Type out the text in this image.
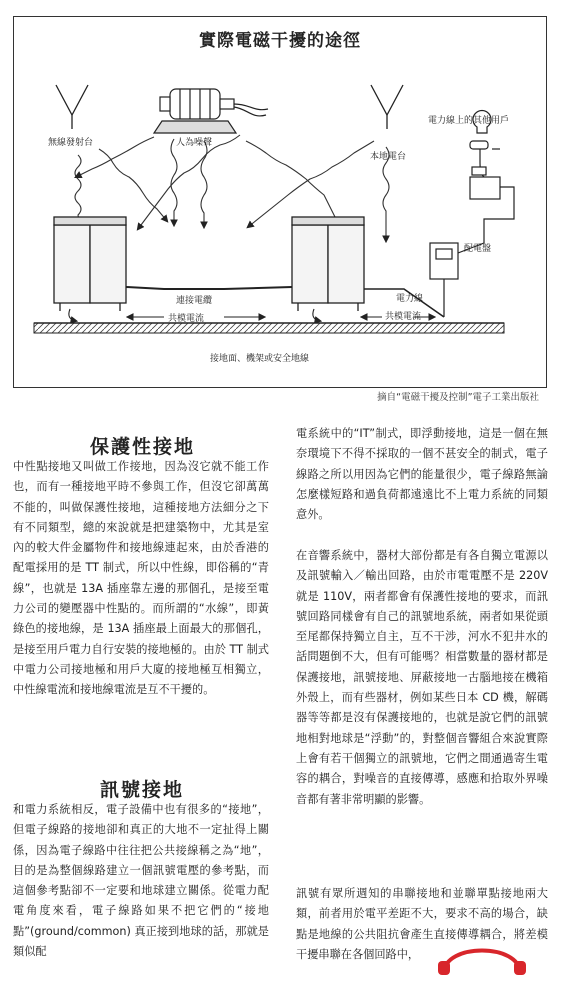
實際電磁干擾的途徑
無線發射台	人為噪聲
本地電台
電力線上的其他用戶
配電盤
電力線
連接電纜
共模電流	共模電流
接地面、機架或安全地線
摘自“電磁干擾及控制”電子工業出版社
保護性接地

中性點接地又叫做工作接地，因為沒它就不能工作也，而有一種接地平時不參與工作，但沒它卻萬萬不能的，叫做保護性接地，這種接地方法細分之下有不同類型，總的來說就是把建築物中，尤其是室內的較大件金屬物件和接地線連起來，由於香港的配電採用的是 TT 制式，所以中性線，即俗稱的“青線”，也就是 13A 插座靠左邊的那個孔，是接至電力公司的變壓器中性點的。而所謂的“水線”，即黃綠色的接地線，是 13A 插座最上面最大的那個孔，是接至用戶電力自行安裝的接地極的。由於 TT 制式中電力公司接地極和用戶大廈的接地極互相獨立，中性線電流和接地線電流是互不干擾的。

訊號接地

和電力系統相反，電子設備中也有很多的“接地”，但電子線路的接地卻和真正的大地不一定扯得上關係，因為電子線路中往往把公共接線稱之為“地”，目的是為整個線路建立一個訊號電壓的參考點，而這個參考點卻不一定要和地球建立關係。從電力配電角度來看，電子線路如果不把它們的“接地點”(ground/common) 真正接到地球的話，那就是類似配

電系統中的“IT”制式，即浮動接地，這是一個在無奈環境下不得不採取的一個不甚安全的制式，電子線路之所以用因為它們的能量很少，電子線路無論怎麼樣短路和過負荷都遠遠比不上電力系統的同類意外。

在音響系統中，器材大部份都是有各自獨立電源以及訊號輸入／輸出回路，由於市電電壓不是 220V 就是 110V，兩者都會有保護性接地的要求，而訊號回路同樣會有自己的訊號地系統，兩者如果從頭至尾都保持獨立自主，互不干涉，河水不犯井水的話問題倒不大，但有可能嗎？相當數量的器材都是保護接地，訊號接地、屏蔽接地一古腦地接在機箱外殼上，而有些器材，例如某些日本 CD 機，解碼器等等都是沒有保護接地的，也就是說它們的訊號地相對地球是“浮動”的，對整個音響組合來說實際上會有若干個獨立的訊號地，它們之間通過寄生電容的耦合，對噪音的直接傳導，感應和拾取外界噪音都有著非常明顯的影響。

訊號有眾所週知的串聯接地和並聯單點接地兩大類，前者用於電平差距不大，要求不高的場合，缺點是地線的公共阻抗會產生直接傳導耦合，將差模干擾串聯在各個回路中，
